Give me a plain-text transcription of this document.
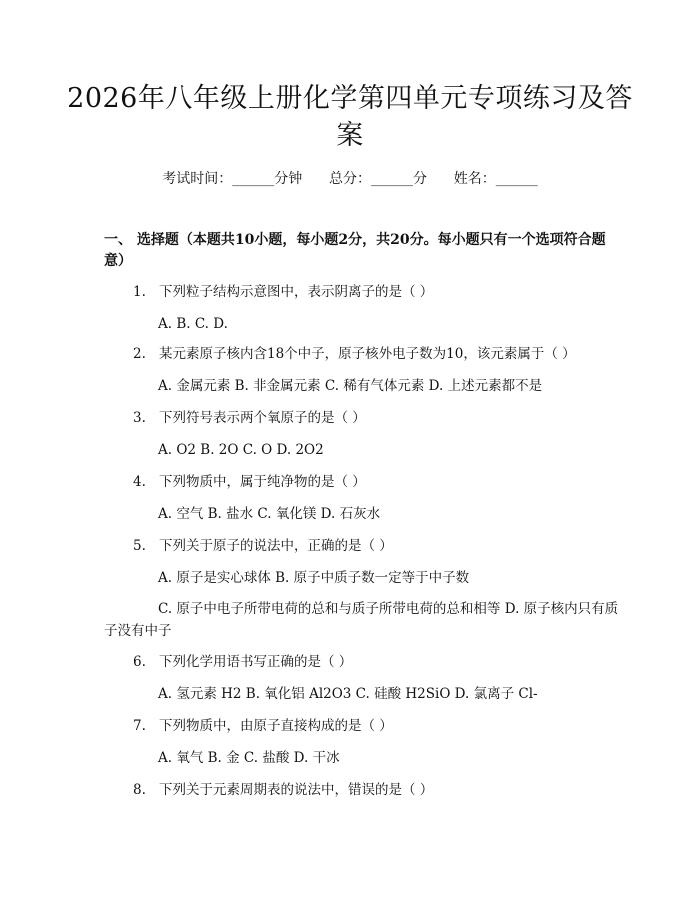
2026年八年级上册化学第四单元专项练习及答案
考试时间：______分钟      总分：______分      姓名：______
一、 选择题（本题共10小题，每小题2分，共20分。每小题只有一个选项符合题意）
1. 下列粒子结构示意图中，表示阴离子的是（ ）
A. B. C. D.
2. 某元素原子核内含18个中子，原子核外电子数为10，该元素属于（ ）
A. 金属元素 B. 非金属元素 C. 稀有气体元素 D. 上述元素都不是
3. 下列符号表示两个氧原子的是（ ）
A. O2 B. 2O C. O D. 2O2
4. 下列物质中，属于纯净物的是（ ）
A. 空气 B. 盐水 C. 氧化镁 D. 石灰水
5. 下列关于原子的说法中，正确的是（ ）
A. 原子是实心球体 B. 原子中质子数一定等于中子数
C. 原子中电子所带电荷的总和与质子所带电荷的总和相等 D. 原子核内只有质子没有中子
6. 下列化学用语书写正确的是（ ）
A. 氢元素 H2 B. 氧化铝 Al2O3 C. 硅酸 H2SiO D. 氯离子 Cl-
7. 下列物质中，由原子直接构成的是（ ）
A. 氧气 B. 金 C. 盐酸 D. 干冰
8. 下列关于元素周期表的说法中，错误的是（ ）
